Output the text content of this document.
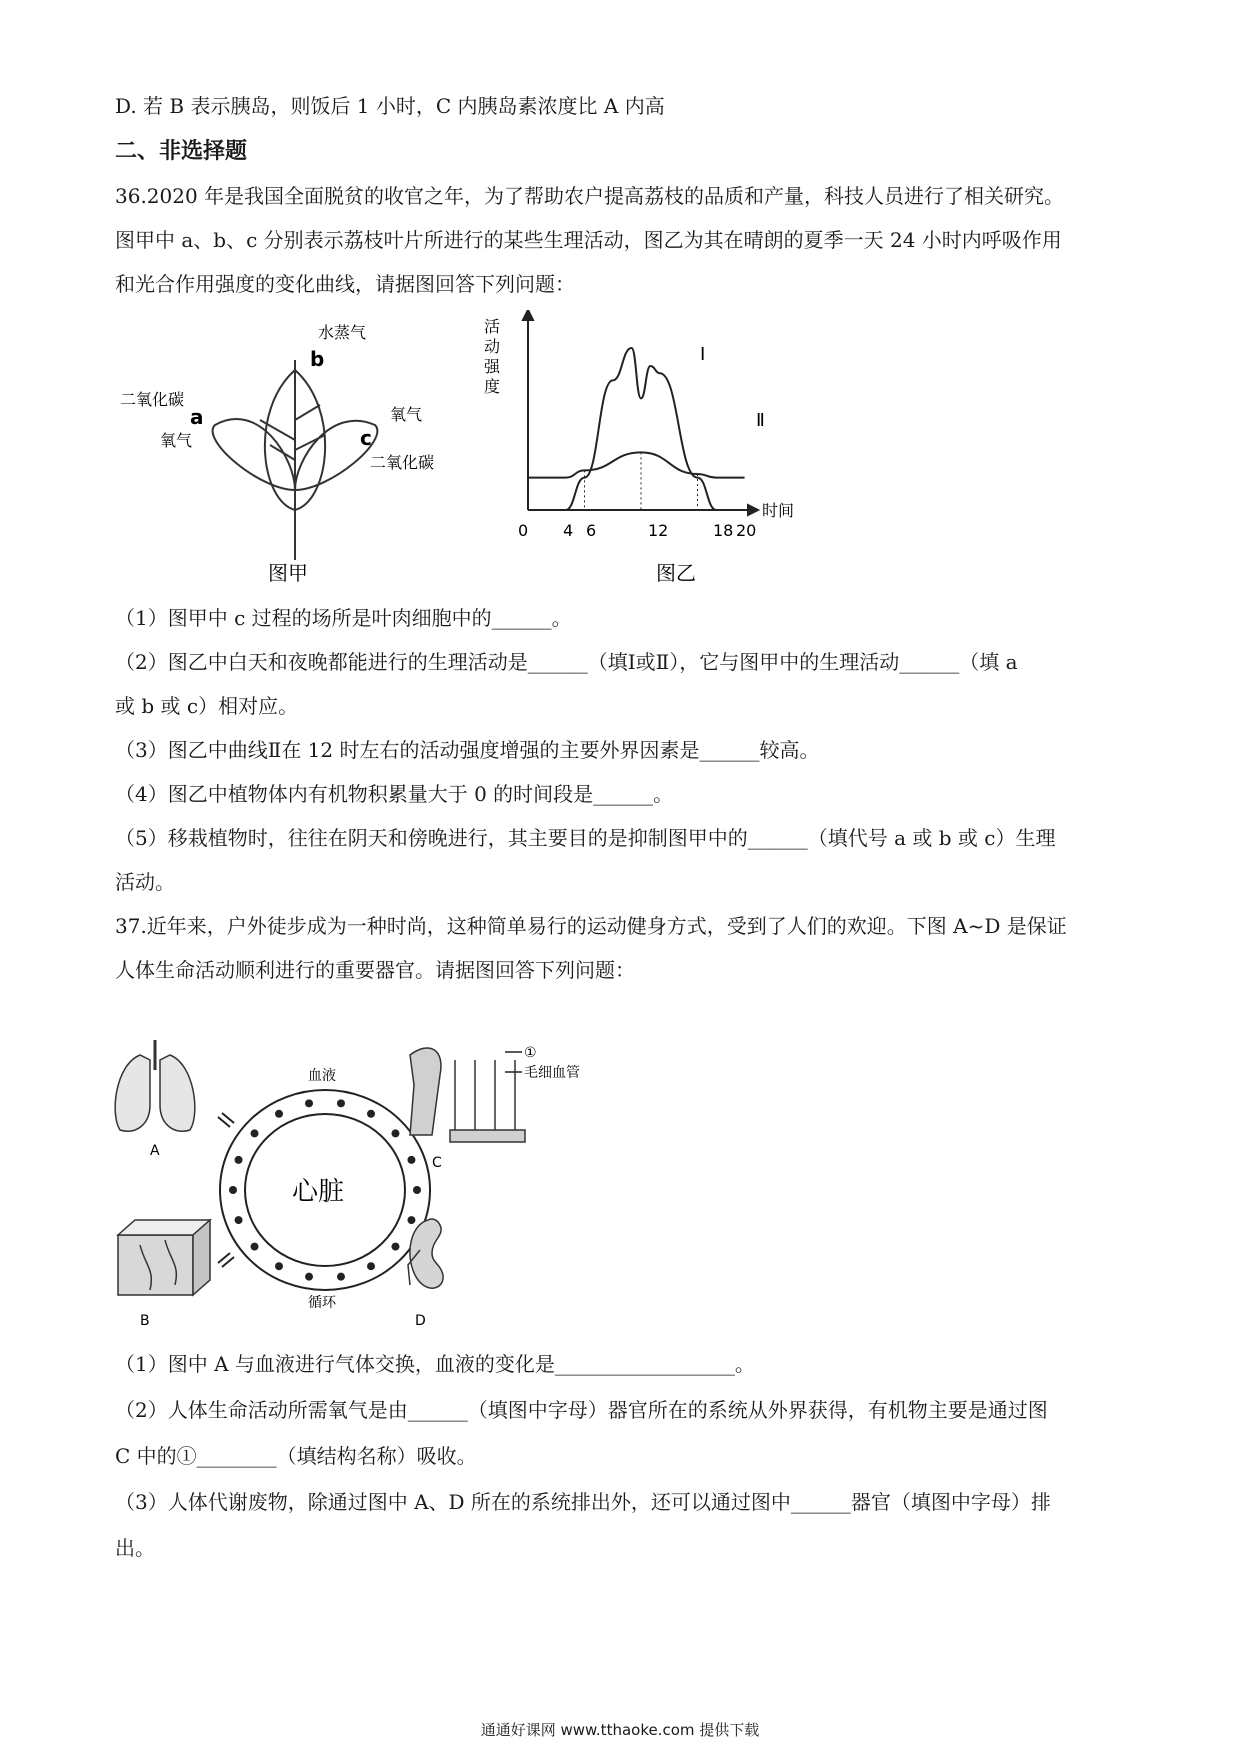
D. 若 B 表示胰岛，则饭后 1 小时，C 内胰岛素浓度比 A 内高
二、非选择题
36.2020 年是我国全面脱贫的收官之年，为了帮助农户提高荔枝的品质和产量，科技人员进行了相关研究。
图甲中 a、b、c 分别表示荔枝叶片所进行的某些生理活动，图乙为其在晴朗的夏季一天 24 小时内呼吸作用
和光合作用强度的变化曲线，请据图回答下列问题：
水蒸气
b
二氧化碳
a
氧气
氧气
c
二氧化碳
图甲
活
动
强
度
时间
0 4 6	12	18 20
Ⅰ
Ⅱ
图乙
（1）图甲中 c 过程的场所是叶肉细胞中的______。
（2）图乙中白天和夜晚都能进行的生理活动是______（填Ⅰ或Ⅱ），它与图甲中的生理活动______（填 a
或 b 或 c）相对应。
（3）图乙中曲线Ⅱ在 12 时左右的活动强度增强的主要外界因素是______较高。
（4）图乙中植物体内有机物积累量大于 0 的时间段是______。
（5）移栽植物时，往往在阴天和傍晚进行，其主要目的是抑制图甲中的______（填代号 a 或 b 或 c）生理
活动。
37.近年来，户外徒步成为一种时尚，这种简单易行的运动健身方式，受到了人们的欢迎。下图 A~D 是保证
人体生命活动顺利进行的重要器官。请据图回答下列问题：
A
B
血液
循环
心脏
①
毛细血管
C
D
（1）图中 A 与血液进行气体交换，血液的变化是__________________。
（2）人体生命活动所需氧气是由______（填图中字母）器官所在的系统从外界获得，有机物主要是通过图
C 中的①________（填结构名称）吸收。
（3）人体代谢废物，除通过图中 A、D 所在的系统排出外，还可以通过图中______器官（填图中字母）排
出。
通通好课网 www.tthaoke.com 提供下载
